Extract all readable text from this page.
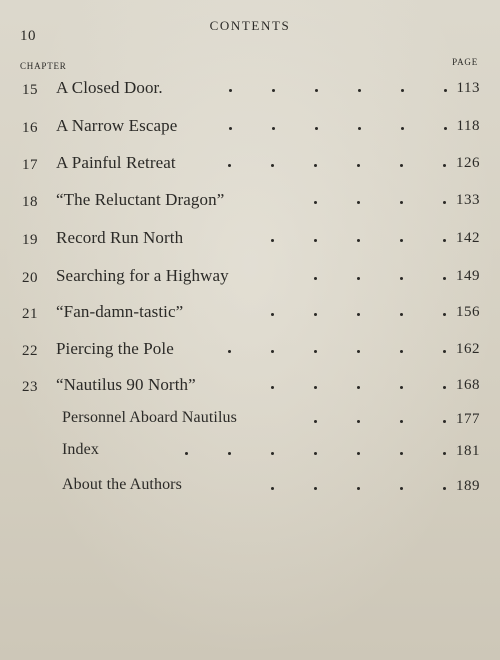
10
CONTENTS
CHAPTER	PAGE
15 A Closed Door.	113
16 A Narrow Escape	118
17 A Painful Retreat	126
18 “The Reluctant Dragon”	133
19 Record Run North	142
20 Searching for a Highway	149
21 “Fan-damn-tastic”	156
22 Piercing the Pole	162
23 “Nautilus 90 North”	168
Personnel Aboard Nautilus	177
Index	181
About the Authors	189
